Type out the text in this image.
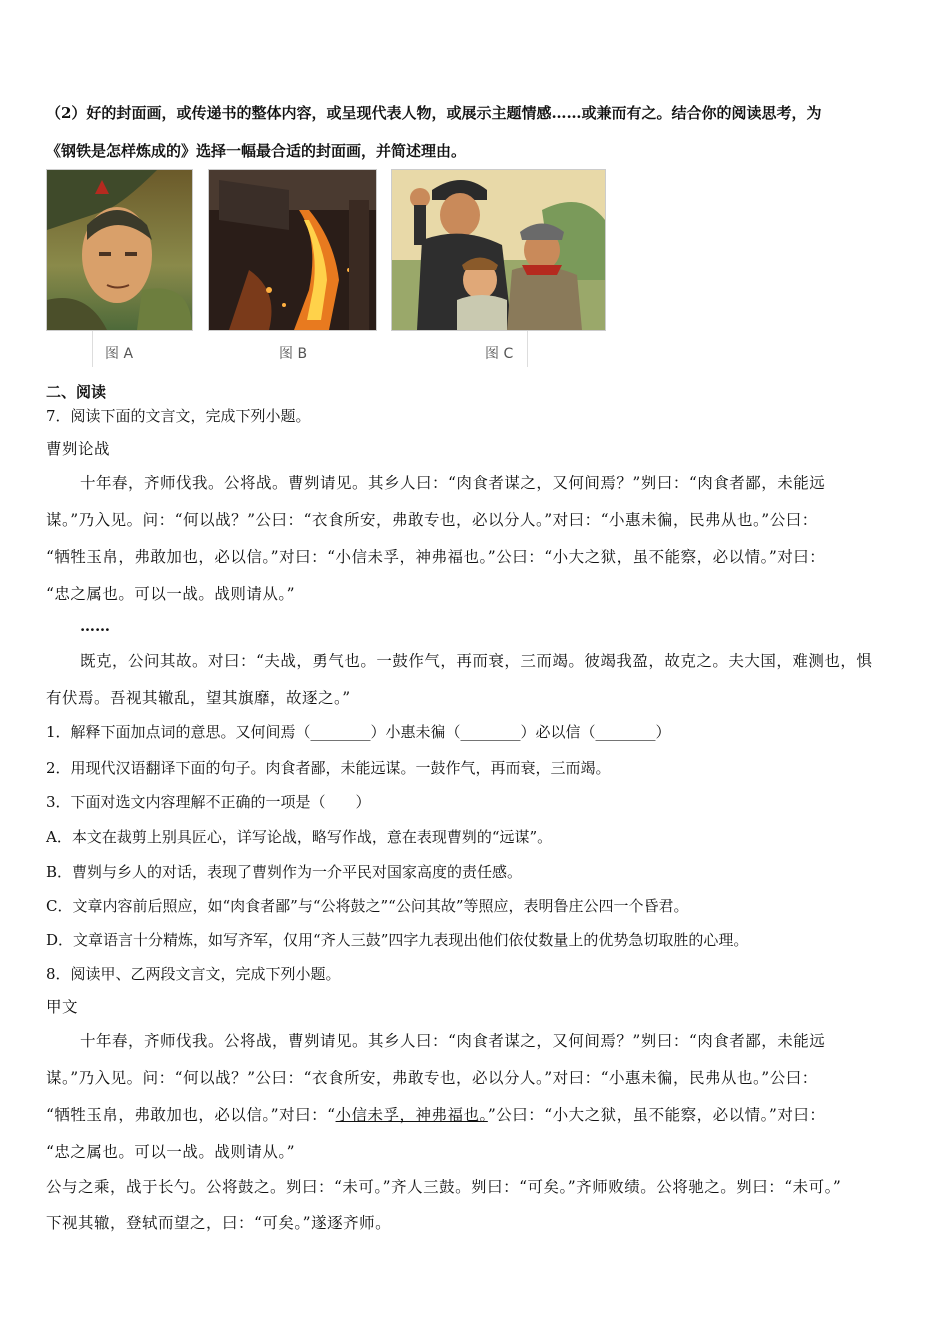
（2）好的封面画，或传递书的整体内容，或呈现代表人物，或展示主题情感……或兼而有之。结合你的阅读思考，为
《钢铁是怎样炼成的》选择一幅最合适的封面画，并简述理由。
图 A	图 B	图 C
二、阅读
7．阅读下面的文言文，完成下列小题。
曹刿论战
十年春，齐师伐我。公将战。曹刿请见。其乡人曰：“肉食者谋之，又何间焉？”刿曰：“肉食者鄙，未能远
谋。”乃入见。问：“何以战？”公曰：“衣食所安，弗敢专也，必以分人。”对曰：“小惠未徧，民弗从也。”公曰：
“牺牲玉帛，弗敢加也，必以信。”对曰：“小信未孚，神弗福也。”公曰：“小大之狱，虽不能察，必以情。”对曰：
“忠之属也。可以一战。战则请从。”
……
既克，公问其故。对曰：“夫战，勇气也。一鼓作气，再而衰，三而竭。彼竭我盈，故克之。夫大国，难测也，惧
有伏焉。吾视其辙乱，望其旗靡，故逐之。”
1．解释下面加点词的意思。又何间焉（________）小惠未徧（________）必以信（________）
2．用现代汉语翻译下面的句子。肉食者鄙，未能远谋。一鼓作气，再而衰，三而竭。
3．下面对选文内容理解不正确的一项是（　　）
A．本文在裁剪上别具匠心，详写论战，略写作战，意在表现曹刿的“远谋”。
B．曹刿与乡人的对话，表现了曹刿作为一介平民对国家高度的责任感。
C．文章内容前后照应，如“肉食者鄙”与“公将鼓之”“公问其故”等照应，表明鲁庄公四一个昏君。
D．文章语言十分精炼，如写齐军，仅用“齐人三鼓”四字九表现出他们依仗数量上的优势急切取胜的心理。
8．阅读甲、乙两段文言文，完成下列小题。
甲文
十年春，齐师伐我。公将战，曹刿请见。其乡人曰：“肉食者谋之，又何间焉？”刿曰：“肉食者鄙，未能远
谋。”乃入见。问：“何以战？”公曰：“衣食所安，弗敢专也，必以分人。”对曰：“小惠未徧，民弗从也。”公曰：
“牺牲玉帛，弗敢加也，必以信。”对曰：“小信未孚，神弗福也。”公曰：“小大之狱，虽不能察，必以情。”对曰：
“忠之属也。可以一战。战则请从。”
公与之乘，战于长勺。公将鼓之。刿曰：“未可。”齐人三鼓。刿曰：“可矣。”齐师败绩。公将驰之。刿曰：“未可。”
下视其辙，登轼而望之，曰：“可矣。”遂逐齐师。
